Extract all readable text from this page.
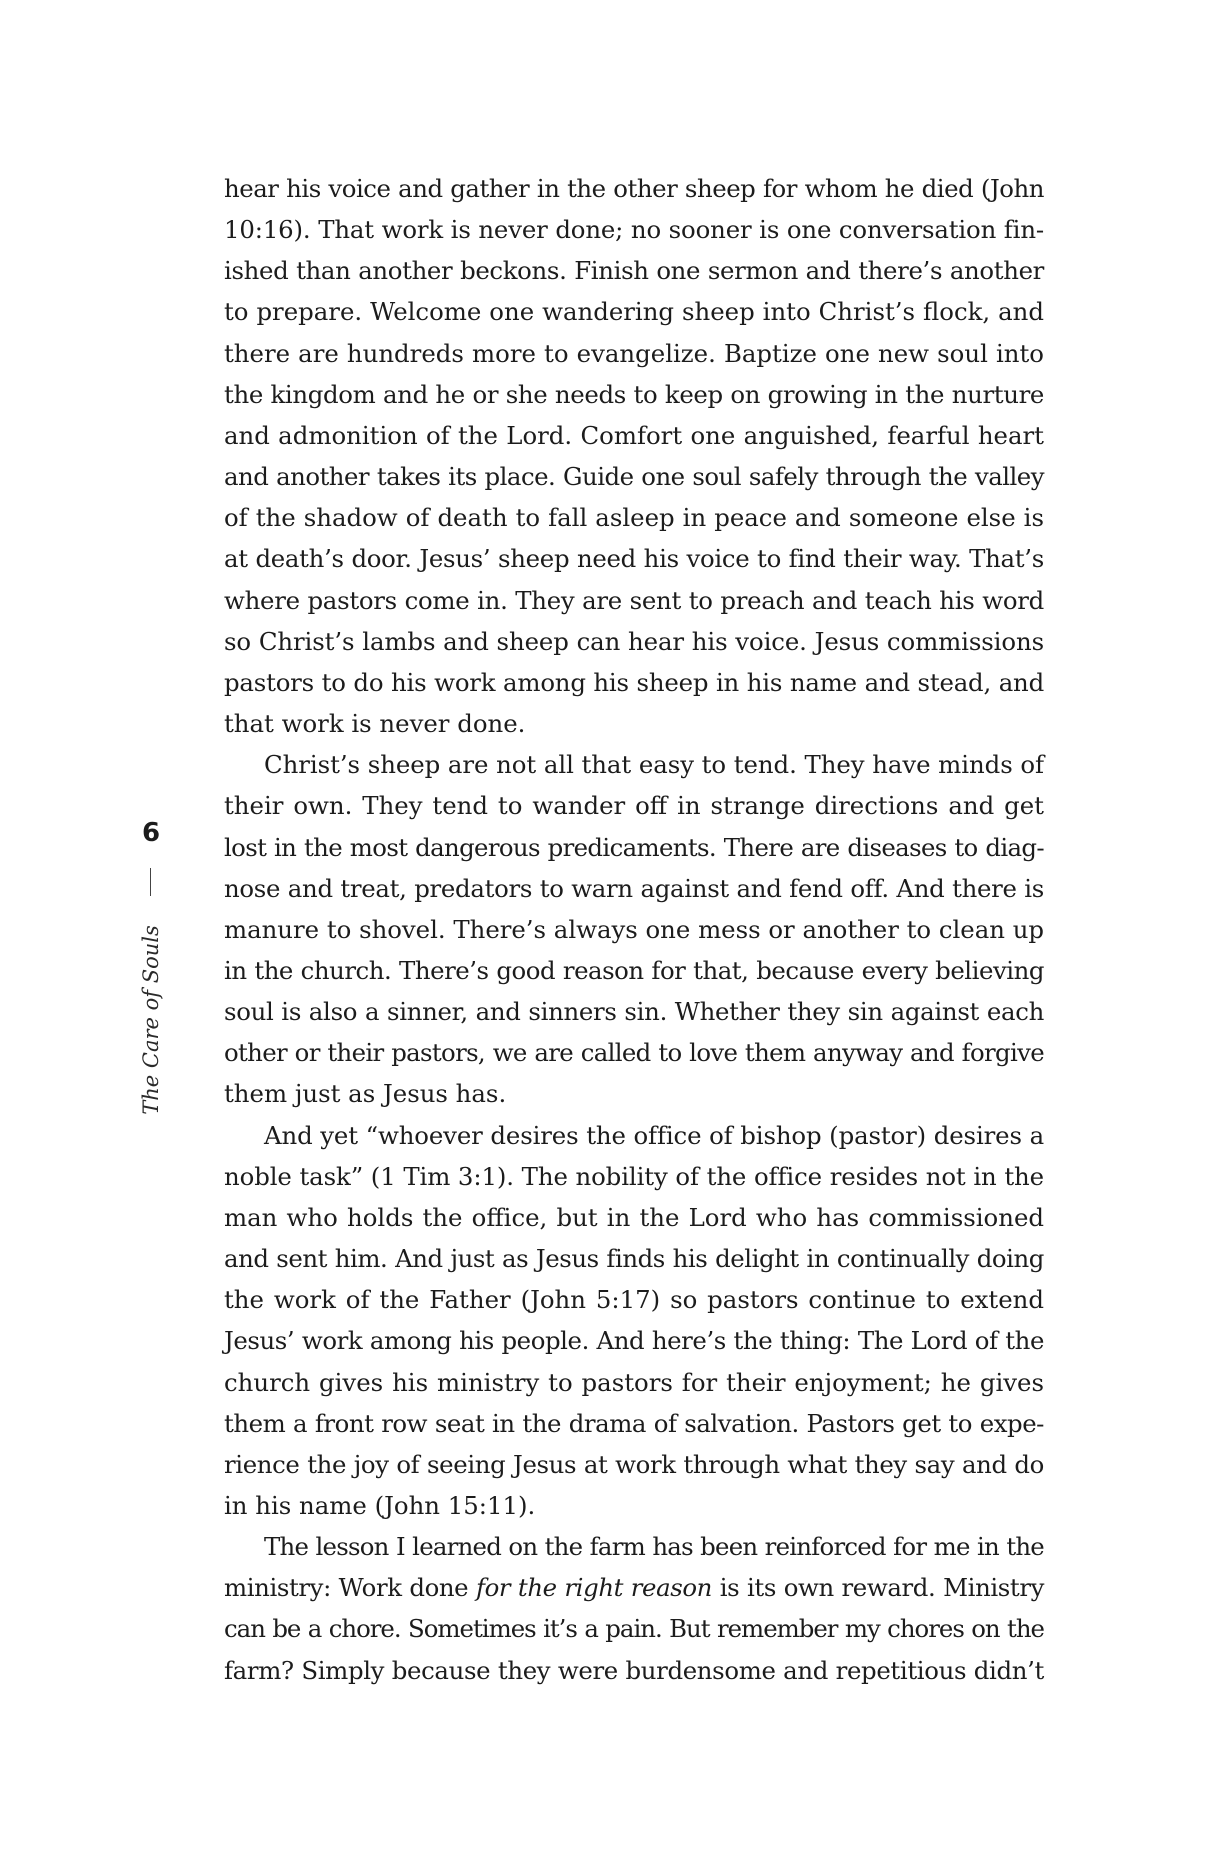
6
The Care of Souls
hear his voice and gather in the other sheep for whom he died (John
10:16). That work is never done; no sooner is one conversation fin-
ished than another beckons. Finish one sermon and there’s another
to prepare. Welcome one wandering sheep into Christ’s flock, and
there are hundreds more to evangelize. Baptize one new soul into
the kingdom and he or she needs to keep on growing in the nurture
and admonition of the Lord. Comfort one anguished, fearful heart
and another takes its place. Guide one soul safely through the valley
of the shadow of death to fall asleep in peace and someone else is
at death’s door. Jesus’ sheep need his voice to find their way. That’s
where pastors come in. They are sent to preach and teach his word
so Christ’s lambs and sheep can hear his voice. Jesus commissions
pastors to do his work among his sheep in his name and stead, and
that work is never done.
Christ’s sheep are not all that easy to tend. They have minds of
their own. They tend to wander off in strange directions and get
lost in the most dangerous predicaments. There are diseases to diag-
nose and treat, predators to warn against and fend off. And there is
manure to shovel. There’s always one mess or another to clean up
in the church. There’s good reason for that, because every believing
soul is also a sinner, and sinners sin. Whether they sin against each
other or their pastors, we are called to love them anyway and forgive
them just as Jesus has.
And yet “whoever desires the office of bishop (pastor) desires a
noble task” (1 Tim 3:1). The nobility of the office resides not in the
man who holds the office, but in the Lord who has commissioned
and sent him. And just as Jesus finds his delight in continually doing
the work of the Father (John 5:17) so pastors continue to extend
Jesus’ work among his people. And here’s the thing: The Lord of the
church gives his ministry to pastors for their enjoyment; he gives
them a front row seat in the drama of salvation. Pastors get to expe-
rience the joy of seeing Jesus at work through what they say and do
in his name (John 15:11).
The lesson I learned on the farm has been reinforced for me in the
ministry: Work done for the right reason is its own reward. Ministry
can be a chore. Sometimes it’s a pain. But remember my chores on the
farm? Simply because they were burdensome and repetitious didn’t
